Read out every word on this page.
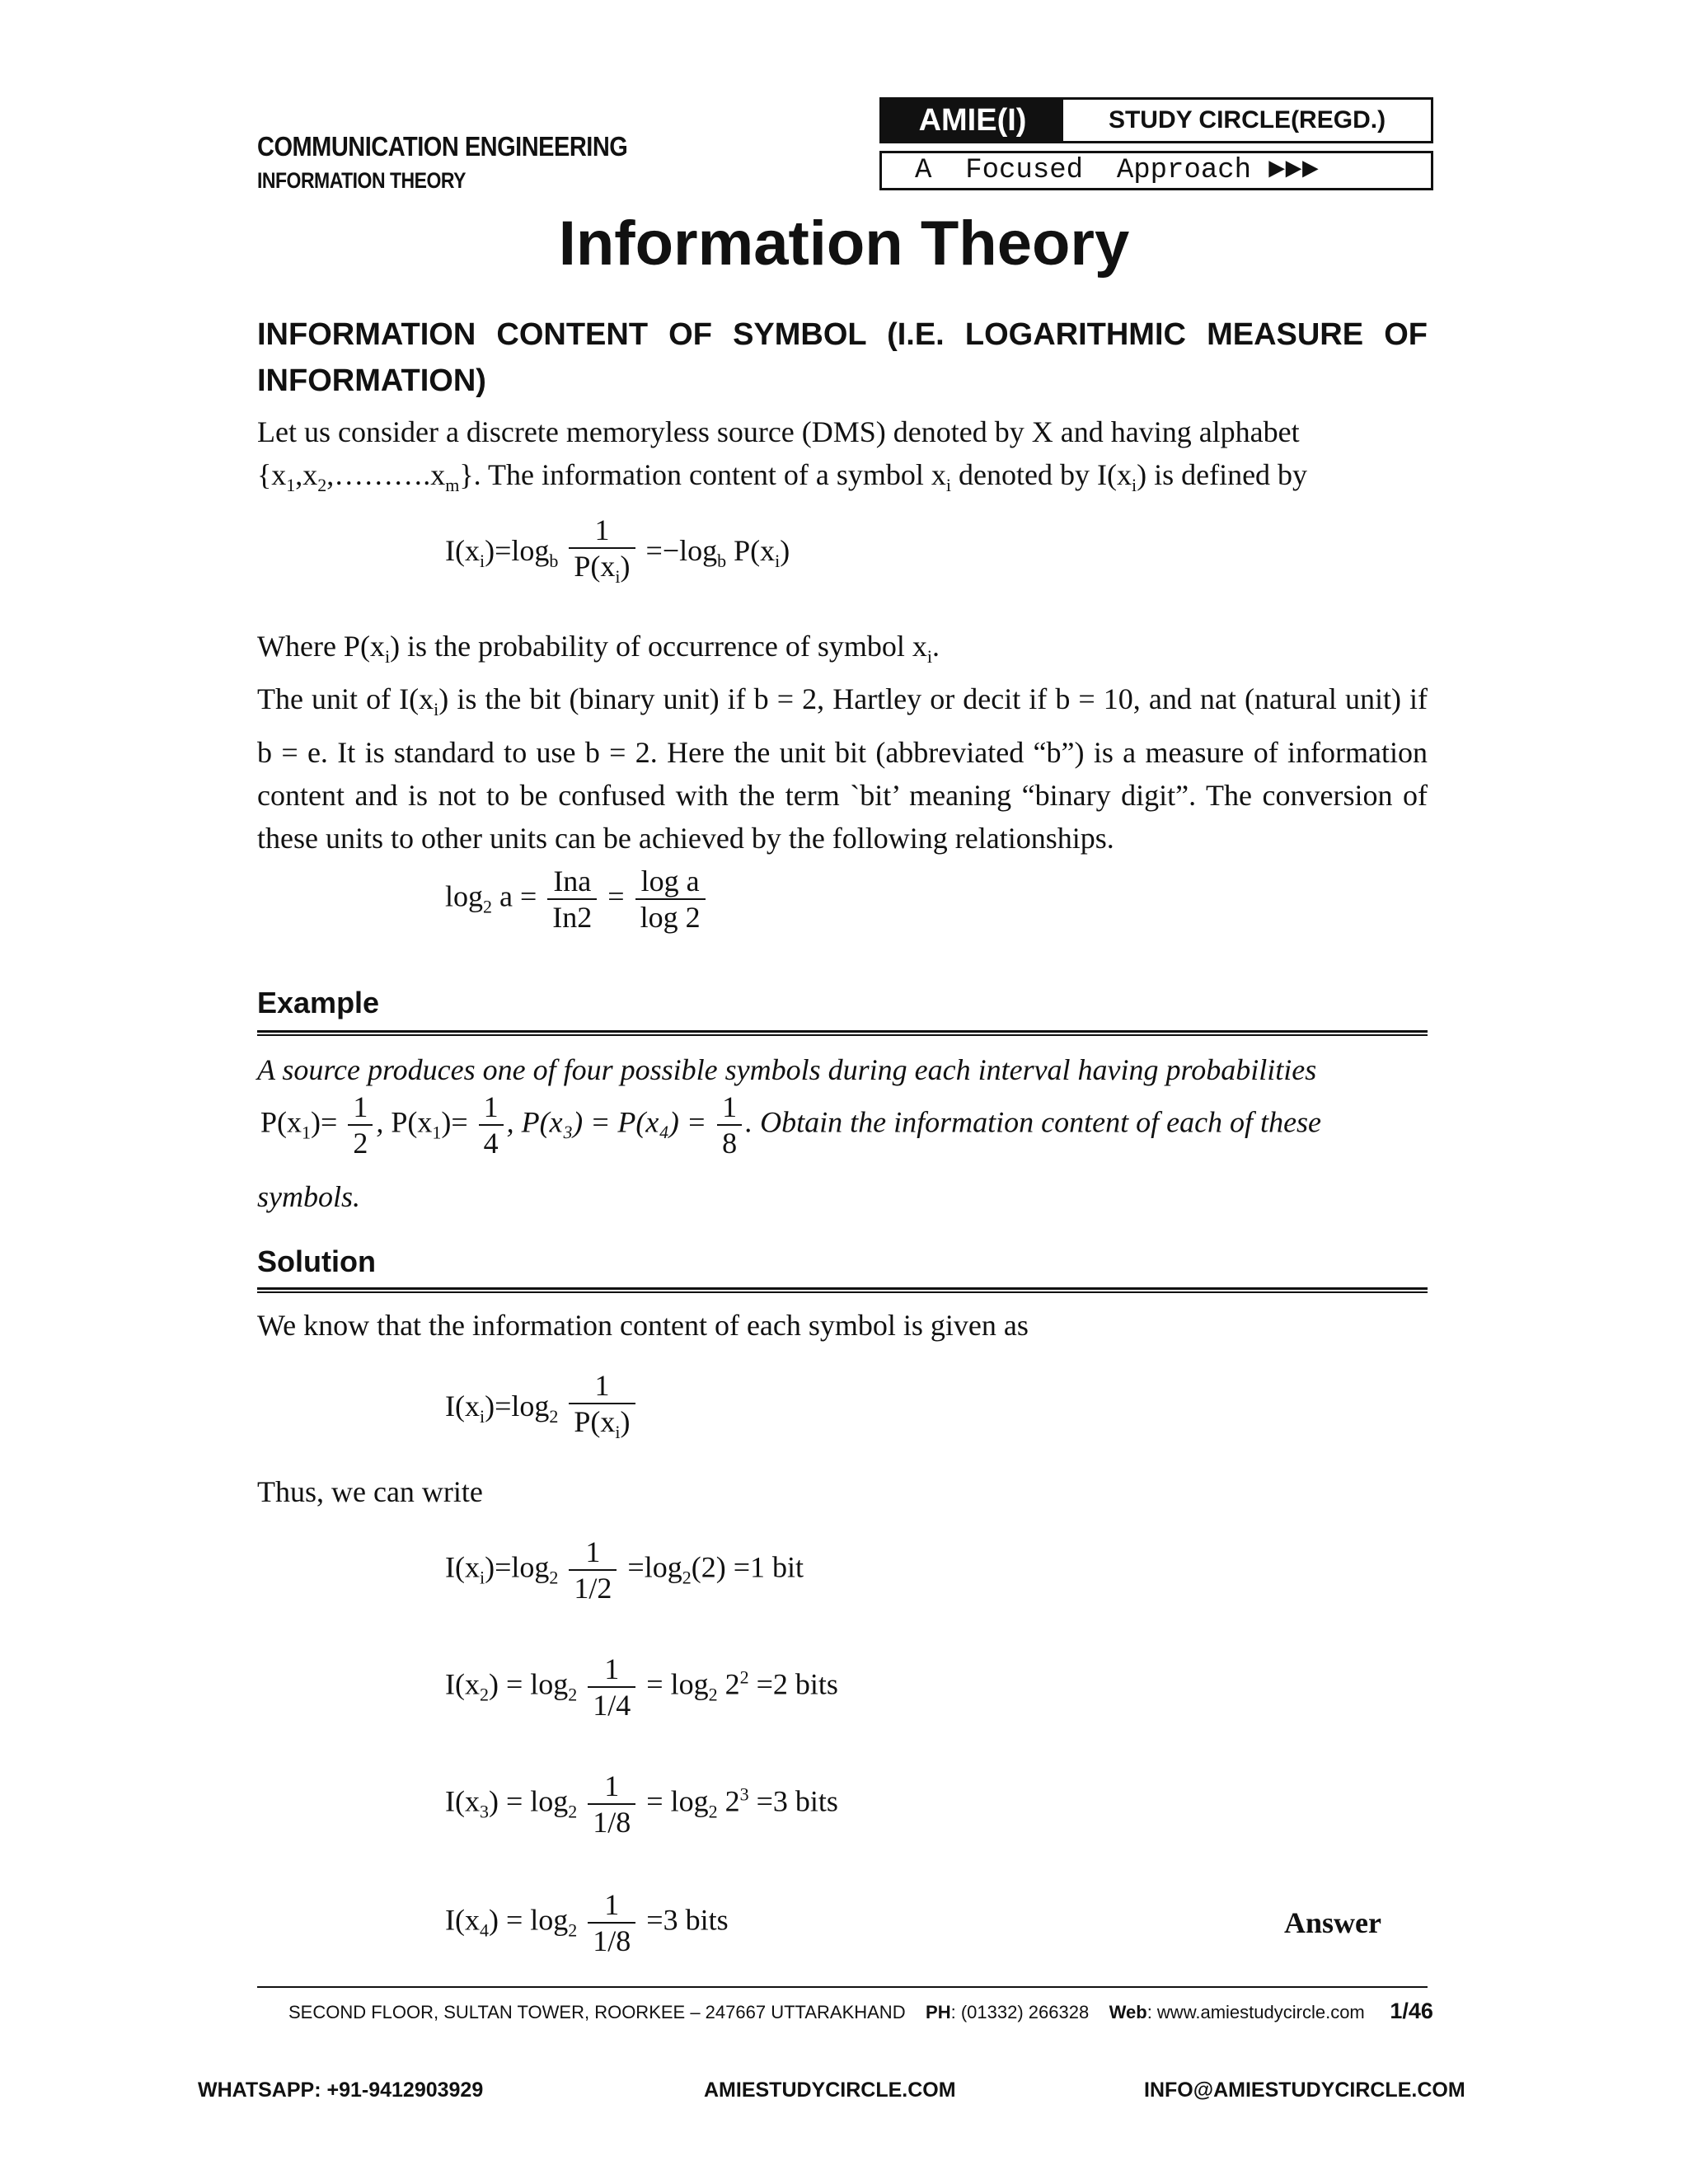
COMMUNICATION ENGINEERING
INFORMATION THEORY
AMIE(I)	STUDY CIRCLE(REGD.)
A  Focused  Approach ►►►
Information Theory
INFORMATION CONTENT OF SYMBOL (I.E. LOGARITHMIC MEASURE OF INFORMATION)
Let us consider a discrete memoryless source (DMS) denoted by X and having alphabet
$\{x_1,x_2,\dots\dots\dots.x_m\}$. The information content of a symbol $x_i$ denoted by $I(x_i)$ is defined by
$I(x_i)=\log_b \frac{1}{P(x_i)} =-\log_b$ $P(x_i)$
Where $P(x_i)$ is the probability of occurrence of symbol $x_i$.
The unit of $I(x_i)$ is the bit (binary unit) if b = 2, Hartley or decit if b = 10, and nat (natural unit) if b = e. It is standard to use b = 2. Here the unit bit (abbreviated “b”) is a measure of information content and is not to be confused with the term `bit’ meaning “binary digit”. The conversion of these units to other units can be achieved by the following relationships.
$\log_2 a = \frac{\text{Ina}}{In2} = \frac{\text{log a}}{\log 2}$
Example
A source produces one of four possible symbols during each interval having probabilities
$P(x_1)= \frac{1}{2}$ , $P(x_1)= \frac{1}{4}$ , $P(x_3) = P(x_4) = \frac{1}{8}$ . Obtain the information content of each of these
symbols.
Solution
We know that the information content of each symbol is given as
$I(x_i)=\log_2 \frac{1}{P(x_i)}$
Thus, we can write
$I(x_i)=\log_2 \frac{1}{1/2} =\log_2(2) =1$ bit
$I(x_2) = \log_2 \frac{1}{1/4} = \log_2 2^2 =2$ bits
$I(x_3) = \log_2 \frac{1}{1/8} = \log_2 2^3 =3$ bits
$I(x_4) = \log_2 \frac{1}{1/8} =3$ bits	Answer
SECOND FLOOR, SULTAN TOWER, ROORKEE – 247667 UTTARAKHAND PH: (01332) 266328 Web: www.amiestudycircle.com 1/46
WHATSAPP: +91-9412903929	AMIESTUDYCIRCLE.COM	INFO@AMIESTUDYCIRCLE.COM
